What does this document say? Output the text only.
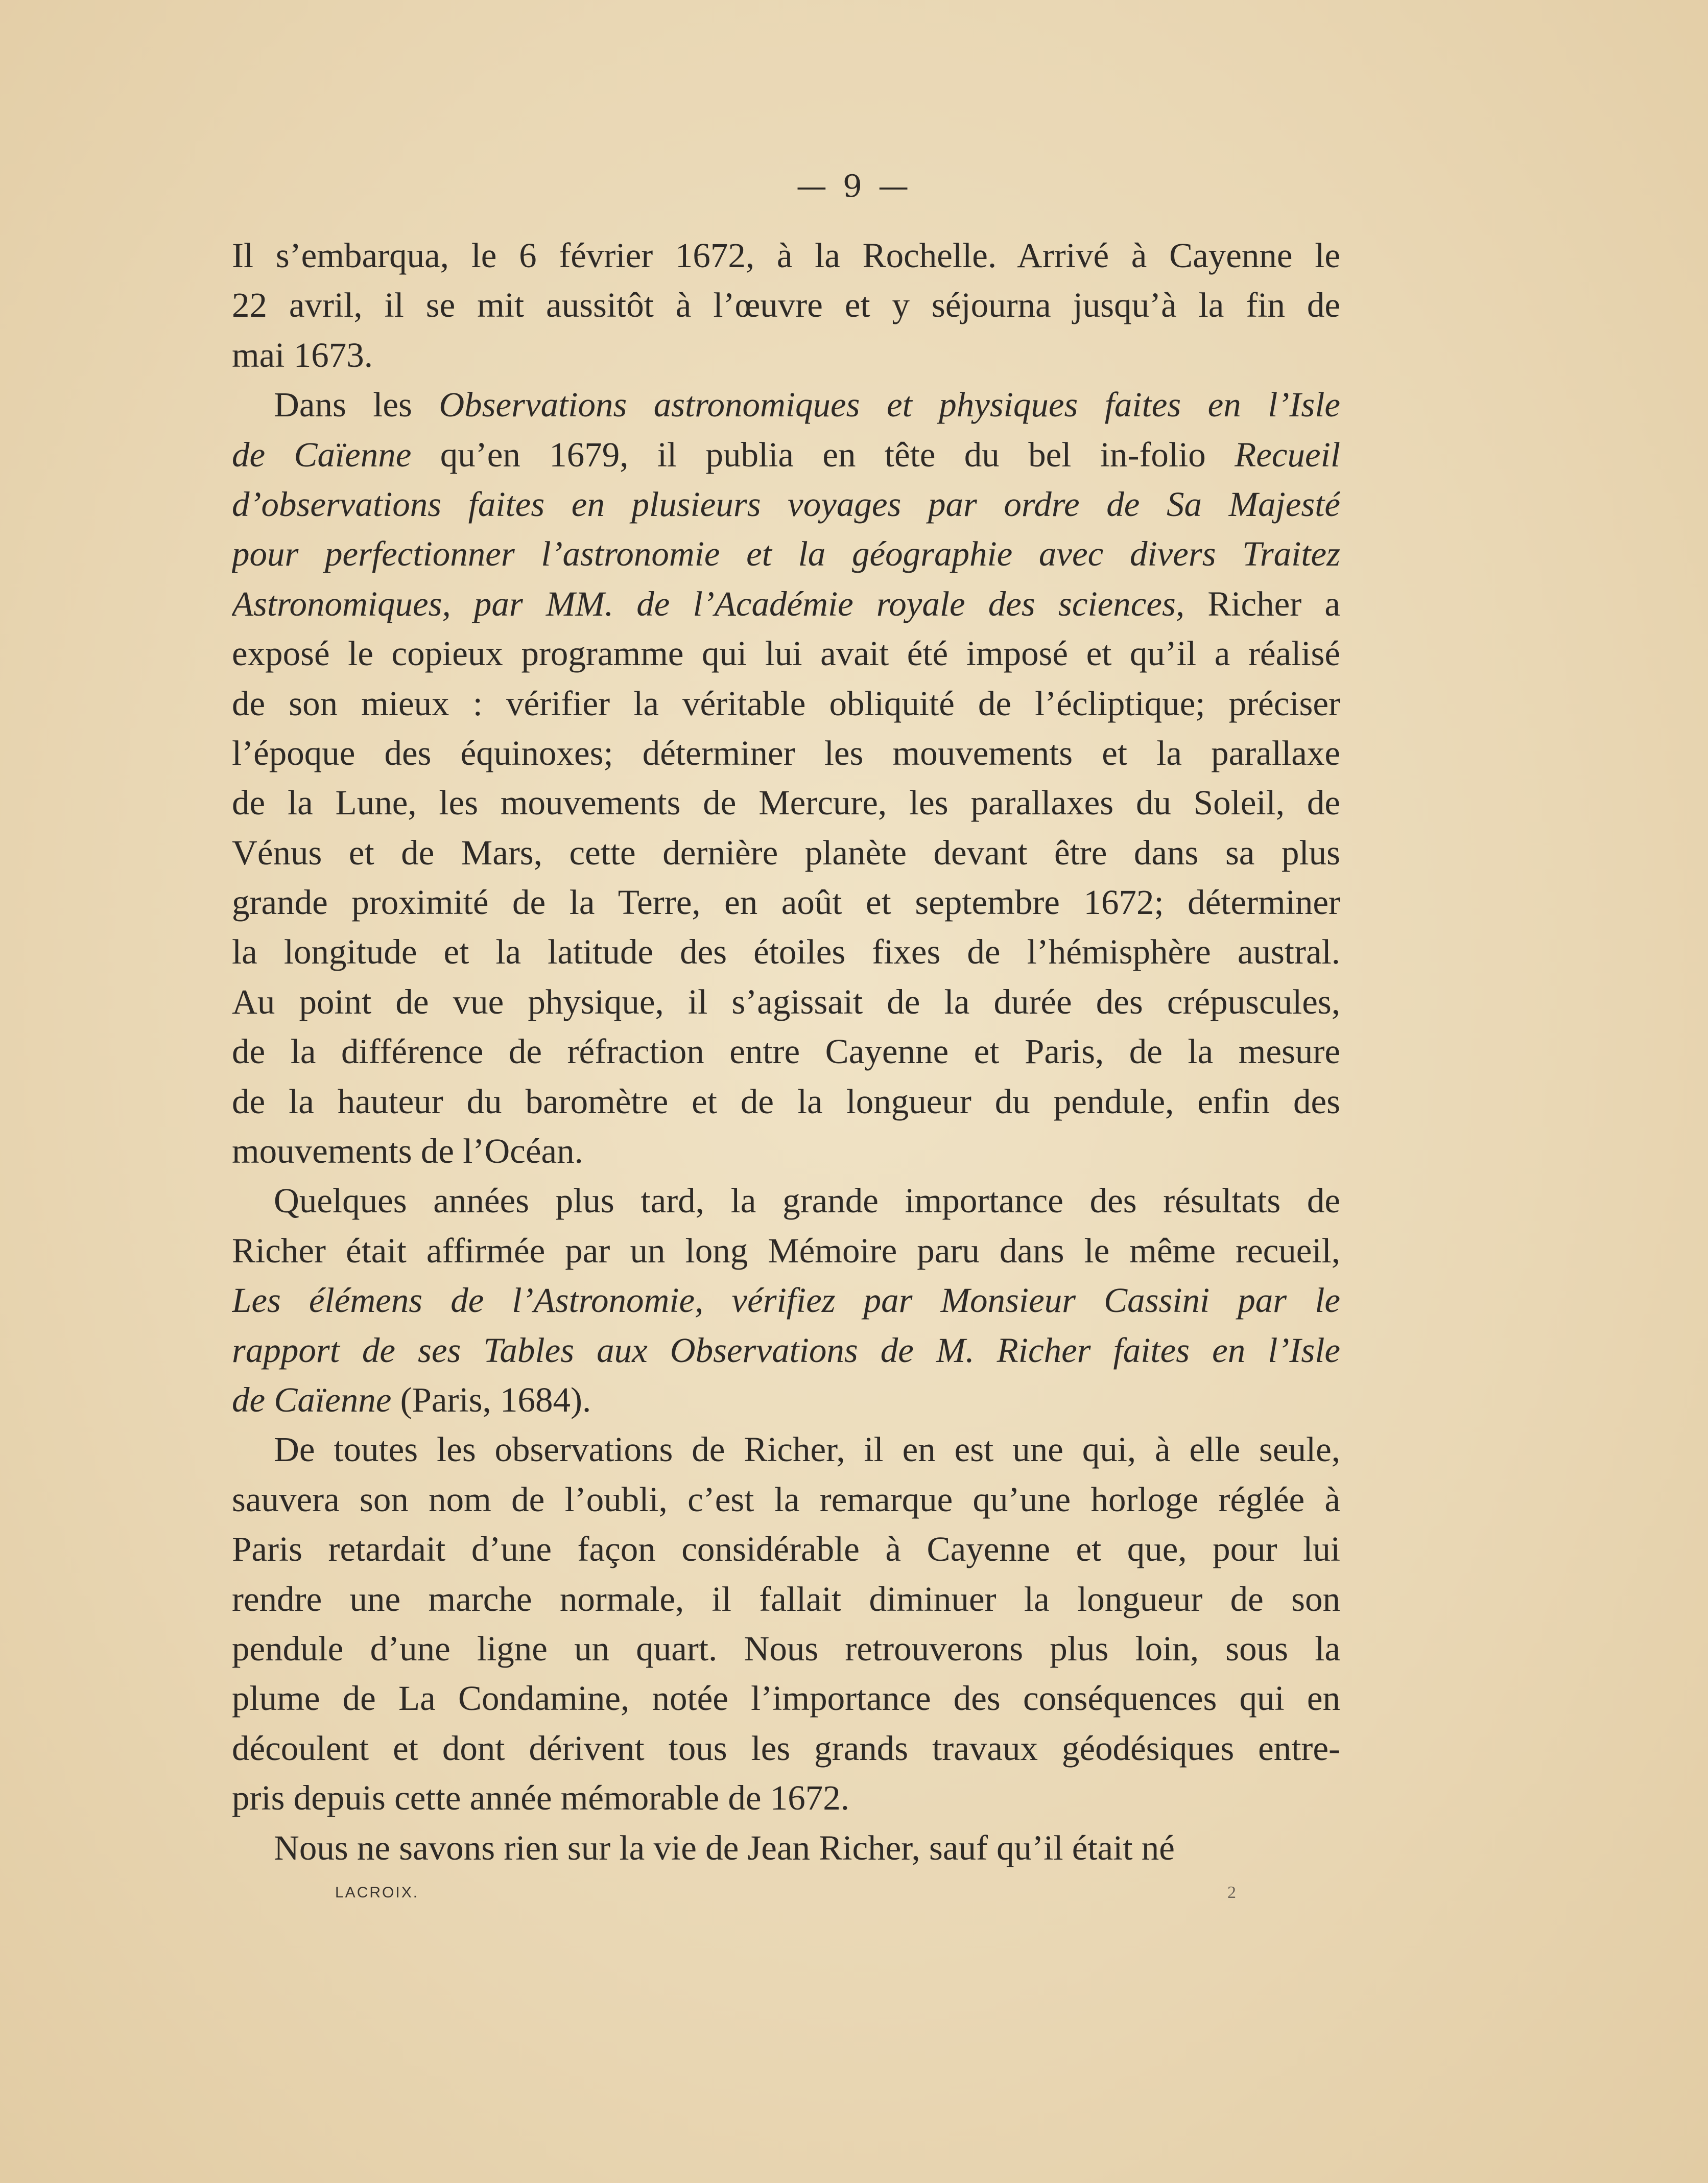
— 9 —
Il s’embarqua, le 6 février 1672, à la Rochelle. Arrivé à Cayenne le
22 avril, il se mit aussitôt à l’œuvre et y séjourna jusqu’à la fin de
mai 1673.
Dans les Observations astronomiques et physiques faites en l’Isle
de Caïenne qu’en 1679, il publia en tête du bel in-folio Recueil
d’observations faites en plusieurs voyages par ordre de Sa Majesté
pour perfectionner l’astronomie et la géographie avec divers Traitez
Astronomiques, par MM. de l’Académie royale des sciences, Richer a
exposé le copieux programme qui lui avait été imposé et qu’il a réalisé
de son mieux : vérifier la véritable obliquité de l’écliptique; préciser
l’époque des équinoxes; déterminer les mouvements et la parallaxe
de la Lune, les mouvements de Mercure, les parallaxes du Soleil, de
Vénus et de Mars, cette dernière planète devant être dans sa plus
grande proximité de la Terre, en août et septembre 1672; déterminer
la longitude et la latitude des étoiles fixes de l’hémisphère austral.
Au point de vue physique, il s’agissait de la durée des crépuscules,
de la différence de réfraction entre Cayenne et Paris, de la mesure
de la hauteur du baromètre et de la longueur du pendule, enfin des
mouvements de l’Océan.
Quelques années plus tard, la grande importance des résultats de
Richer était affirmée par un long Mémoire paru dans le même recueil,
Les élémens de l’Astronomie, vérifiez par Monsieur Cassini par le
rapport de ses Tables aux Observations de M. Richer faites en l’Isle
de Caïenne (Paris, 1684).
De toutes les observations de Richer, il en est une qui, à elle seule,
sauvera son nom de l’oubli, c’est la remarque qu’une horloge réglée à
Paris retardait d’une façon considérable à Cayenne et que, pour lui
rendre une marche normale, il fallait diminuer la longueur de son
pendule d’une ligne un quart. Nous retrouverons plus loin, sous la
plume de La Condamine, notée l’importance des conséquences qui en
découlent et dont dérivent tous les grands travaux géodésiques entre-
pris depuis cette année mémorable de 1672.
Nous ne savons rien sur la vie de Jean Richer, sauf qu’il était né
LACROIX.	2
